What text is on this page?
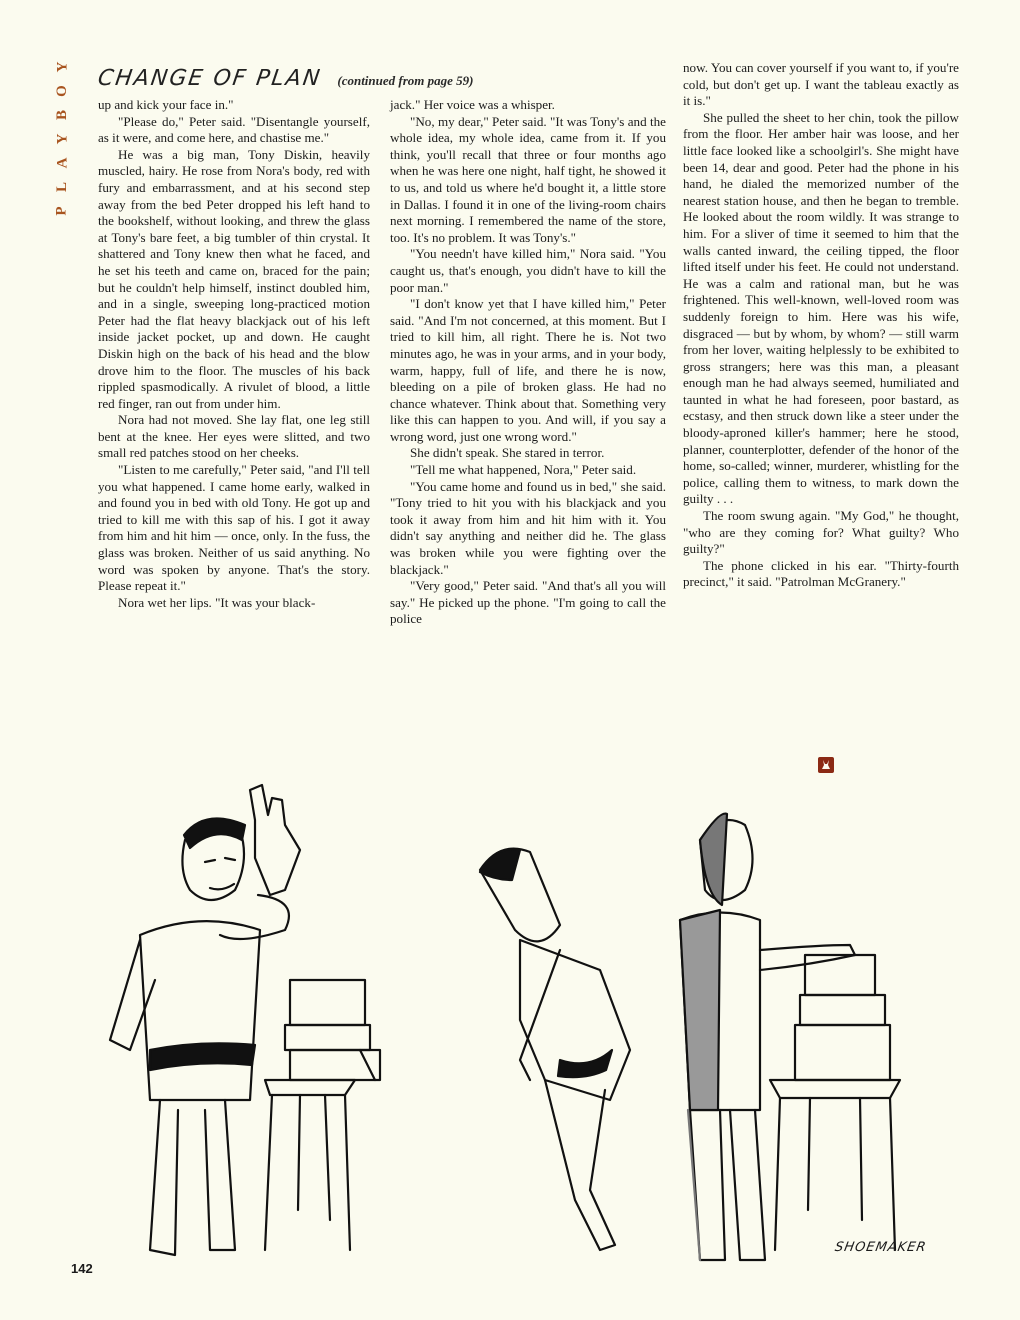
Y
O
B
Y
A
L
P
CHANGE OF PLAN (continued from page 59)

up and kick your face in."

"Please do," Peter said. "Disentangle yourself, as it were, and come here, and chastise me."

He was a big man, Tony Diskin, heavily muscled, hairy. He rose from Nora's body, red with fury and embarrassment, and at his second step away from the bed Peter dropped his left hand to the bookshelf, without looking, and threw the glass at Tony's bare feet, a big tumbler of thin crystal. It shattered and Tony knew then what he faced, and he set his teeth and came on, braced for the pain; but he couldn't help himself, instinct doubled him, and in a single, sweeping long-practiced motion Peter had the flat heavy blackjack out of his left inside jacket pocket, up and down. He caught Diskin high on the back of his head and the blow drove him to the floor. The muscles of his back rippled spasmodically. A rivulet of blood, a little red finger, ran out from under him.

Nora had not moved. She lay flat, one leg still bent at the knee. Her eyes were slitted, and two small red patches stood on her cheeks.

"Listen to me carefully," Peter said, "and I'll tell you what happened. I came home early, walked in and found you in bed with old Tony. He got up and tried to kill me with this sap of his. I got it away from him and hit him — once, only. In the fuss, the glass was broken. Neither of us said anything. No word was spoken by anyone. That's the story. Please repeat it."

Nora wet her lips. "It was your black-

jack." Her voice was a whisper.

"No, my dear," Peter said. "It was Tony's and the whole idea, my whole idea, came from it. If you think, you'll recall that three or four months ago when he was here one night, half tight, he showed it to us, and told us where he'd bought it, a little store in Dallas. I found it in one of the living-room chairs next morning. I remembered the name of the store, too. It's no problem. It was Tony's."

"You needn't have killed him," Nora said. "You caught us, that's enough, you didn't have to kill the poor man."

"I don't know yet that I have killed him," Peter said. "And I'm not concerned, at this moment. But I tried to kill him, all right. There he is. Not two minutes ago, he was in your arms, and in your body, warm, happy, full of life, and there he is now, bleeding on a pile of broken glass. He had no chance whatever. Think about that. Something very like this can happen to you. And will, if you say a wrong word, just one wrong word."

She didn't speak. She stared in terror.

"Tell me what happened, Nora," Peter said.

"You came home and found us in bed," she said. "Tony tried to hit you with his blackjack and you took it away from him and hit him with it. You didn't say anything and neither did he. The glass was broken while you were fighting over the blackjack."

"Very good," Peter said. "And that's all you will say." He picked up the phone. "I'm going to call the police

now. You can cover yourself if you want to, if you're cold, but don't get up. I want the tableau exactly as it is."

She pulled the sheet to her chin, took the pillow from the floor. Her amber hair was loose, and her little face looked like a schoolgirl's. She might have been 14, dear and good. Peter had the phone in his hand, he dialed the memorized number of the nearest station house, and then he began to tremble. He looked about the room wildly. It was strange to him. For a sliver of time it seemed to him that the walls canted inward, the ceiling tipped, the floor lifted itself under his feet. He could not understand. He was a calm and rational man, but he was frightened. This well-known, well-loved room was suddenly foreign to him. Here was his wife, disgraced — but by whom, by whom? — still warm from her lover, waiting helplessly to be exhibited to gross strangers; here was this man, a pleasant enough man he had always seemed, humiliated and taunted in what he had foreseen, poor bastard, as ecstasy, and then struck down like a steer under the bloody-aproned killer's hammer; here he stood, planner, counterplotter, defender of the honor of the home, so-called; winner, murderer, whistling for the police, calling them to witness, to mark down the guilty . . .

The room swung again. "My God," he thought, "who are they coming for? What guilty? Who guilty?"

The phone clicked in his ear. "Thirty-fourth precinct," it said. "Patrolman McGranery."

SHOEMAKER
142
